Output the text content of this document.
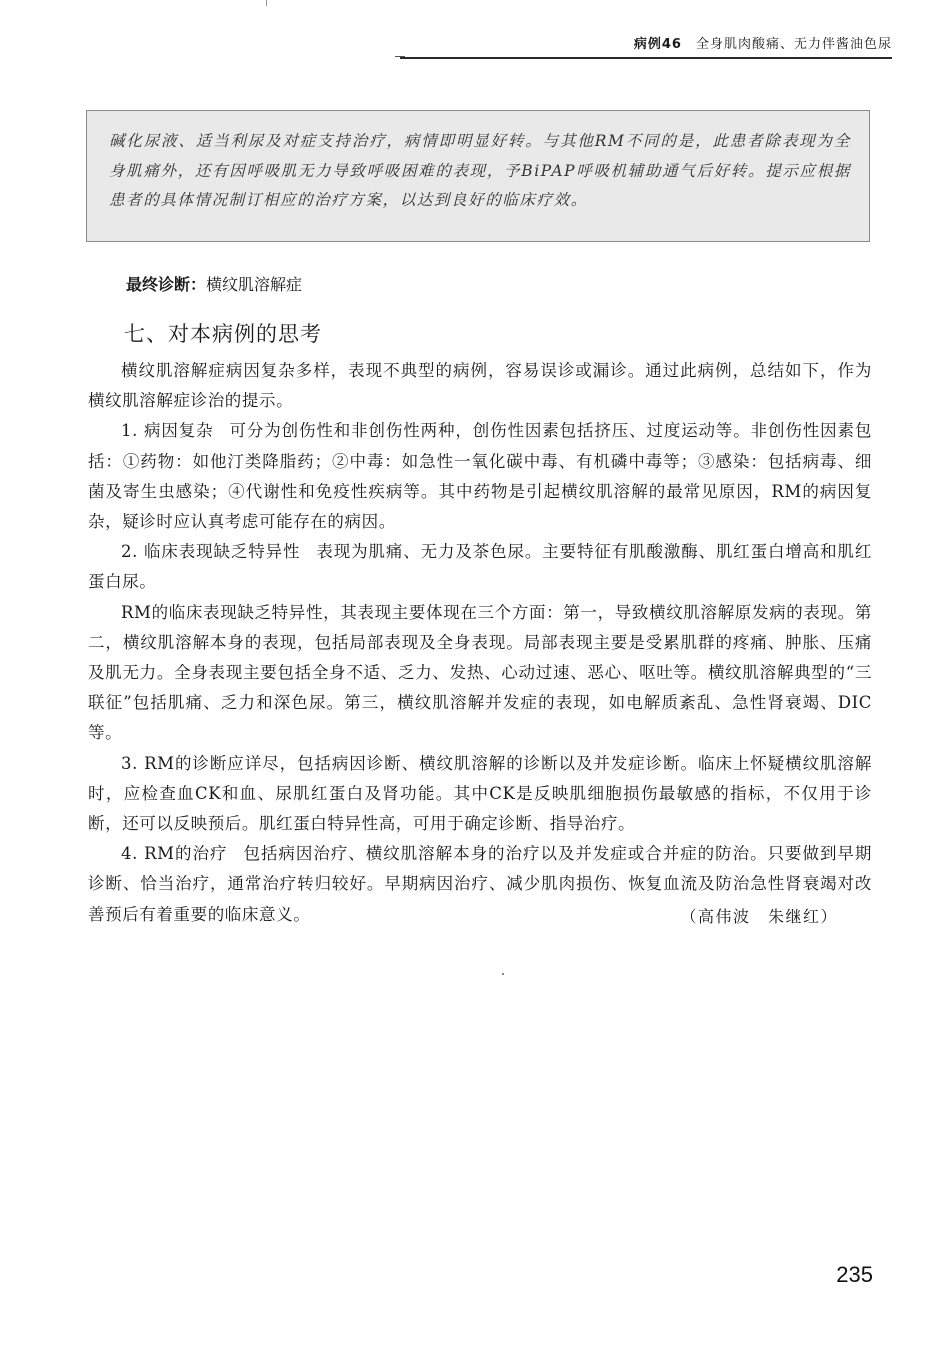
病例46 全身肌肉酸痛、无力伴酱油色尿

碱化尿液、适当利尿及对症支持治疗，病情即明显好转。与其他RM不同的是，此患者除表现为全身肌痛外，还有因呼吸肌无力导致呼吸困难的表现，予BiPAP呼吸机辅助通气后好转。提示应根据患者的具体情况制订相应的治疗方案，以达到良好的临床疗效。

最终诊断：横纹肌溶解症
七、对本病例的思考

横纹肌溶解症病因复杂多样，表现不典型的病例，容易误诊或漏诊。通过此病例，总结如下，作为横纹肌溶解症诊治的提示。

1. 病因复杂 可分为创伤性和非创伤性两种，创伤性因素包括挤压、过度运动等。非创伤性因素包括：①药物：如他汀类降脂药；②中毒：如急性一氧化碳中毒、有机磷中毒等；③感染：包括病毒、细菌及寄生虫感染；④代谢性和免疫性疾病等。其中药物是引起横纹肌溶解的最常见原因，RM的病因复杂，疑诊时应认真考虑可能存在的病因。

2. 临床表现缺乏特异性 表现为肌痛、无力及茶色尿。主要特征有肌酸激酶、肌红蛋白增高和肌红蛋白尿。

RM的临床表现缺乏特异性，其表现主要体现在三个方面：第一，导致横纹肌溶解原发病的表现。第二，横纹肌溶解本身的表现，包括局部表现及全身表现。局部表现主要是受累肌群的疼痛、肿胀、压痛及肌无力。全身表现主要包括全身不适、乏力、发热、心动过速、恶心、呕吐等。横纹肌溶解典型的“三联征”包括肌痛、乏力和深色尿。第三，横纹肌溶解并发症的表现，如电解质紊乱、急性肾衰竭、DIC等。

3. RM的诊断应详尽，包括病因诊断、横纹肌溶解的诊断以及并发症诊断。临床上怀疑横纹肌溶解时，应检查血CK和血、尿肌红蛋白及肾功能。其中CK是反映肌细胞损伤最敏感的指标，不仅用于诊断，还可以反映预后。肌红蛋白特异性高，可用于确定诊断、指导治疗。

4. RM的治疗 包括病因治疗、横纹肌溶解本身的治疗以及并发症或合并症的防治。只要做到早期诊断、恰当治疗，通常治疗转归较好。早期病因治疗、减少肌肉损伤、恢复血流及防治急性肾衰竭对改善预后有着重要的临床意义。	（高伟波　朱继红）
235
